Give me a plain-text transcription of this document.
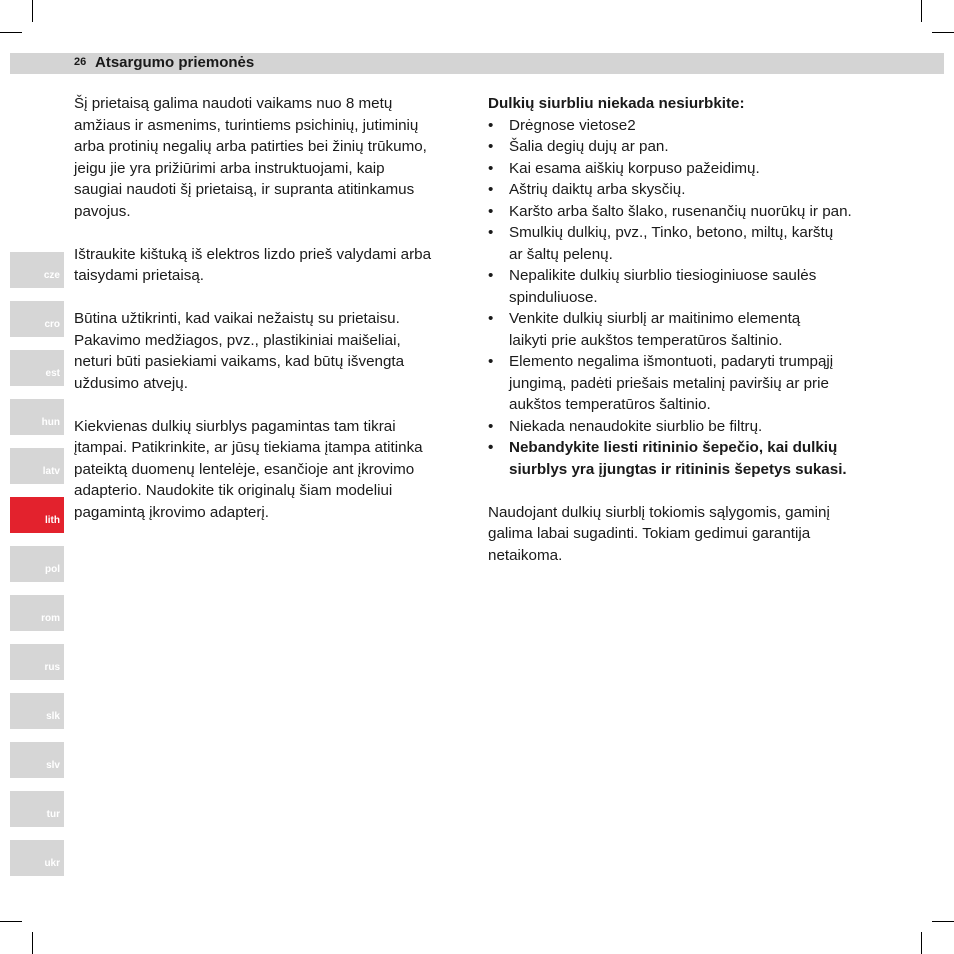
26 Atsargumo priemonės

Šį prietaisą galima naudoti vaikams nuo 8 metų
amžiaus ir asmenims, turintiems psichinių, jutiminių
arba protinių negalių arba patirties bei žinių trūkumo,
jeigu jie yra prižiūrimi arba instruktuojami, kaip
saugiai naudoti šį prietaisą, ir supranta atitinkamus
pavojus.

Ištraukite kištuką iš elektros lizdo prieš valydami arba
taisydami prietaisą.

Būtina užtikrinti, kad vaikai nežaistų su prietaisu.
Pakavimo medžiagos, pvz., plastikiniai maišeliai,
neturi būti pasiekiami vaikams, kad būtų išvengta
uždusimo atvejų.

Kiekvienas dulkių siurblys pagamintas tam tikrai
įtampai. Patikrinkite, ar jūsų tiekiama įtampa atitinka
pateiktą duomenų lentelėje, esančioje ant įkrovimo
adapterio. Naudokite tik originalų šiam modeliui
pagamintą įkrovimo adapterį.

Dulkių siurbliu niekada nesiurbkite:
• Drėgnose vietose2
• Šalia degių dujų ar pan.
• Kai esama aiškių korpuso pažeidimų.
• Aštrių daiktų arba skysčių.
• Karšto arba šalto šlako, rusenančių nuorūkų ir pan.
• Smulkių dulkių, pvz., Tinko, betono, miltų, karštų
ar šaltų pelenų.
• Nepalikite dulkių siurblio tiesioginiuose saulės
spinduliuose.
• Venkite dulkių siurblį ar maitinimo elementą
laikyti prie aukštos temperatūros šaltinio.
• Elemento negalima išmontuoti, padaryti trumpąjį
jungimą, padėti priešais metalinį paviršių ar prie
aukštos temperatūros šaltinio.
• Niekada nenaudokite siurblio be filtrų.
• Nebandykite liesti ritininio šepečio, kai dulkių
siurblys yra įjungtas ir ritininis šepetys sukasi.

Naudojant dulkių siurblį tokiomis sąlygomis, gaminį
galima labai sugadinti. Tokiam gedimui garantija
netaikoma.

cze
cro
est
hun
latv
lith
pol
rom
rus
slk
slv
tur
ukr
